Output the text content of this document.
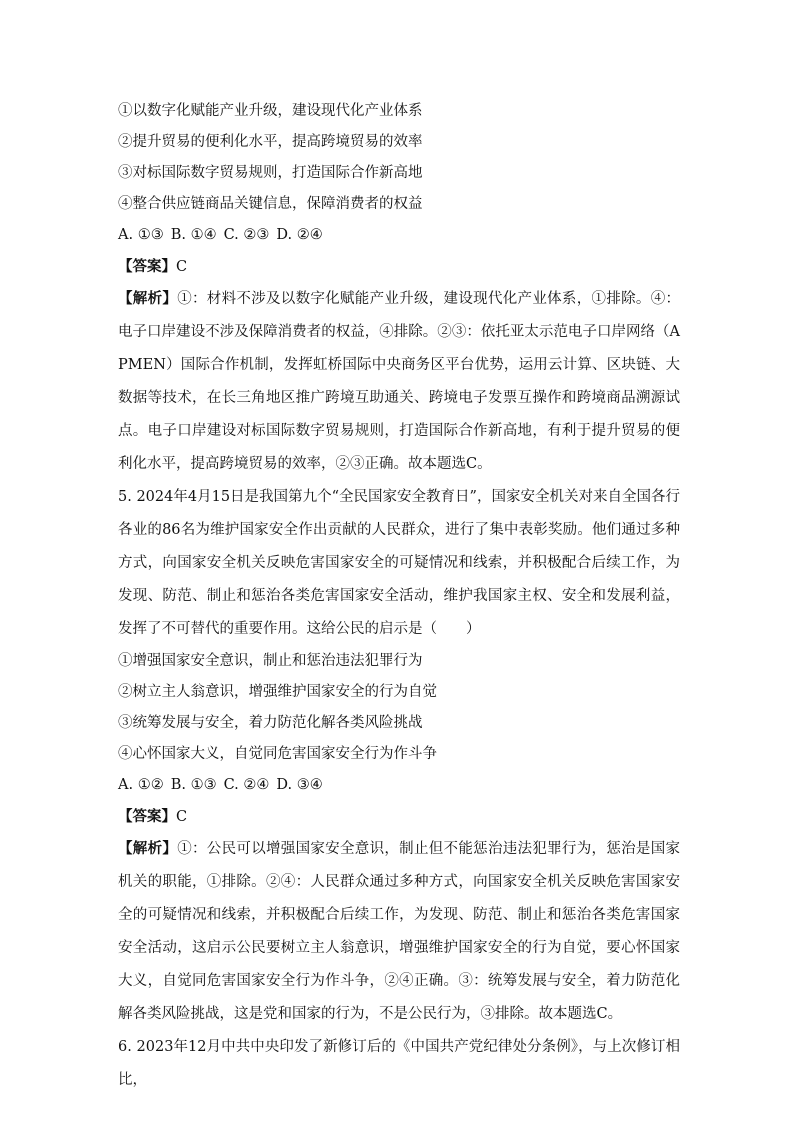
①以数字化赋能产业升级，建设现代化产业体系
②提升贸易的便利化水平，提高跨境贸易的效率
③对标国际数字贸易规则，打造国际合作新高地
④整合供应链商品关键信息，保障消费者的权益
A. ①③ B. ①④ C. ②③ D. ②④
【答案】C
【解析】①：材料不涉及以数字化赋能产业升级，建设现代化产业体系，①排除。④：电子口岸建设不涉及保障消费者的权益，④排除。②③：依托亚太示范电子口岸网络（APMEN）国际合作机制，发挥虹桥国际中央商务区平台优势，运用云计算、区块链、大数据等技术，在长三角地区推广跨境互助通关、跨境电子发票互操作和跨境商品溯源试点。电子口岸建设对标国际数字贸易规则，打造国际合作新高地，有利于提升贸易的便利化水平，提高跨境贸易的效率，②③正确。故本题选C。
5. 2024年4月15日是我国第九个“全民国家安全教育日”，国家安全机关对来自全国各行各业的86名为维护国家安全作出贡献的人民群众，进行了集中表彰奖励。他们通过多种方式，向国家安全机关反映危害国家安全的可疑情况和线索，并积极配合后续工作，为发现、防范、制止和惩治各类危害国家安全活动，维护我国家主权、安全和发展利益，发挥了不可替代的重要作用。这给公民的启示是（　　）
①增强国家安全意识，制止和惩治违法犯罪行为
②树立主人翁意识，增强维护国家安全的行为自觉
③统筹发展与安全，着力防范化解各类风险挑战
④心怀国家大义，自觉同危害国家安全行为作斗争
A. ①② B. ①③ C. ②④ D. ③④
【答案】C
【解析】①：公民可以增强国家安全意识，制止但不能惩治违法犯罪行为，惩治是国家机关的职能，①排除。②④：人民群众通过多种方式，向国家安全机关反映危害国家安全的可疑情况和线索，并积极配合后续工作，为发现、防范、制止和惩治各类危害国家安全活动，这启示公民要树立主人翁意识，增强维护国家安全的行为自觉，要心怀国家大义，自觉同危害国家安全行为作斗争，②④正确。③：统筹发展与安全，着力防范化解各类风险挑战，这是党和国家的行为，不是公民行为，③排除。故本题选C。
6. 2023年12月中共中央印发了新修订后的《中国共产党纪律处分条例》，与上次修订相比，
